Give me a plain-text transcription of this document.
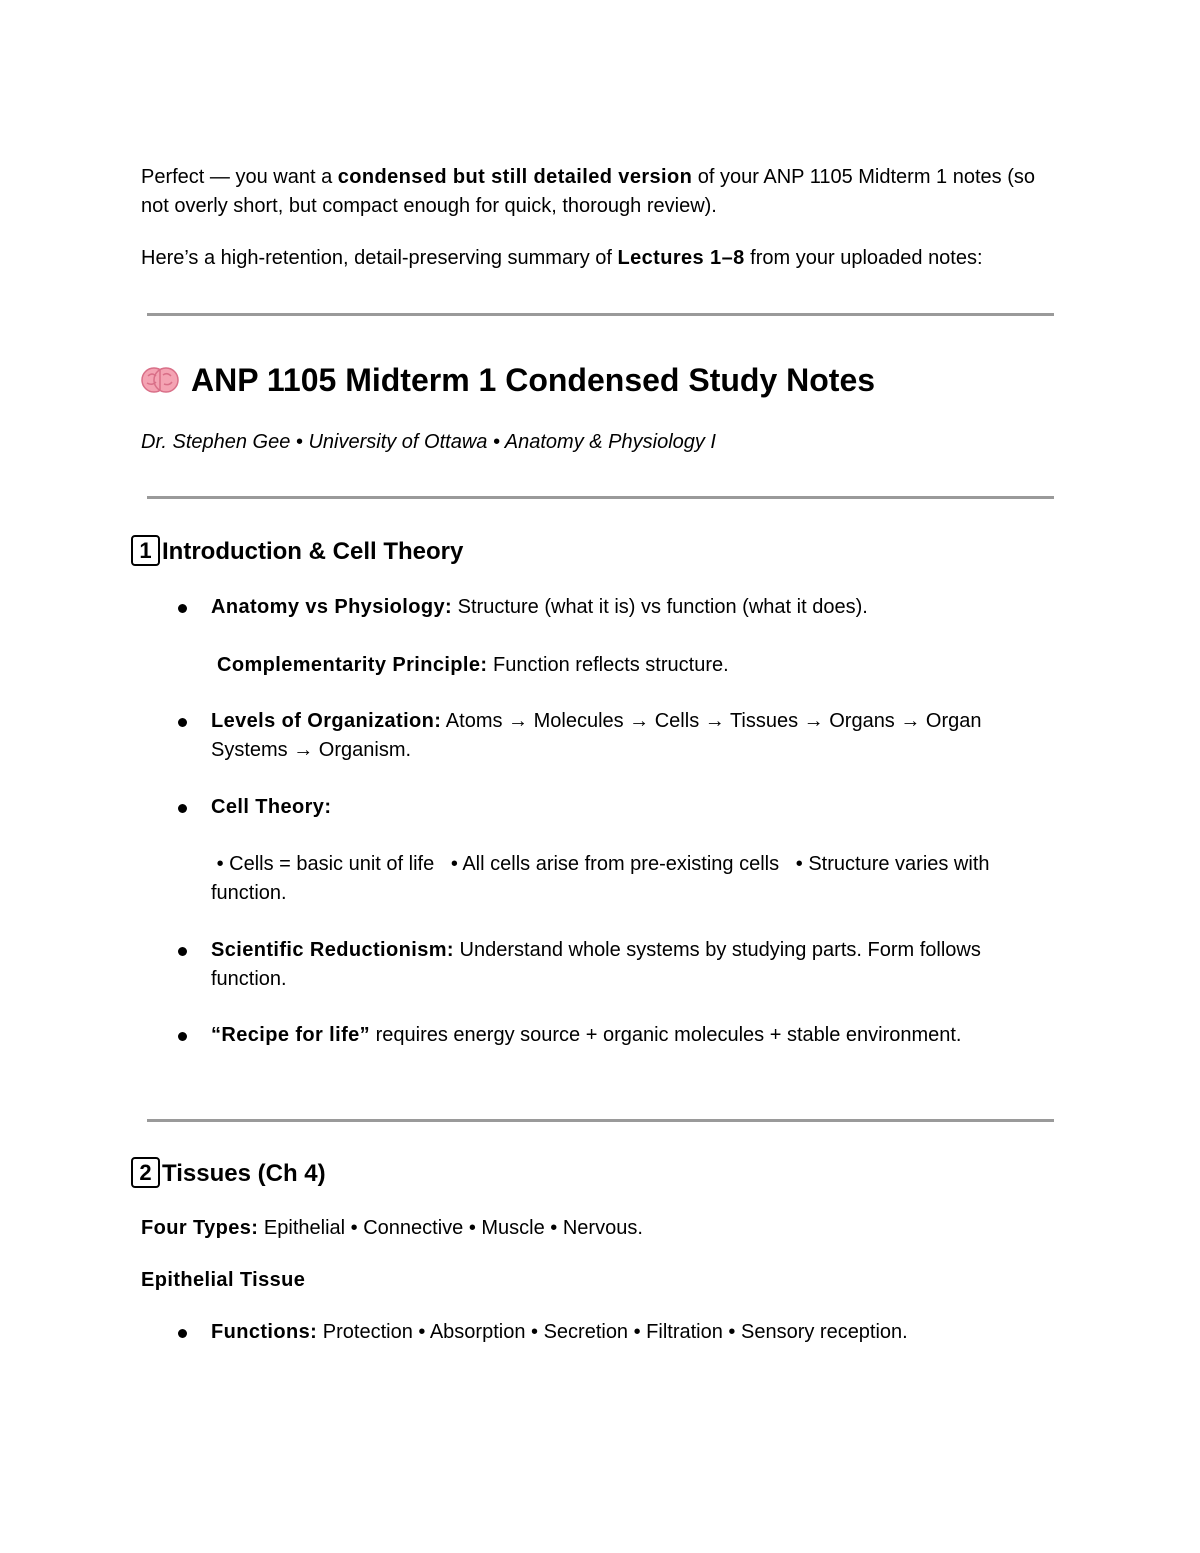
Perfect — you want a condensed but still detailed version of your ANP 1105 Midterm 1 notes (so not overly short, but compact enough for quick, thorough review).
Here’s a high-retention, detail-preserving summary of Lectures 1–8 from your uploaded notes:
ANP 1105 Midterm 1 Condensed Study Notes
Dr. Stephen Gee • University of Ottawa • Anatomy & Physiology I
1 Introduction & Cell Theory
Anatomy vs Physiology: Structure (what it is) vs function (what it does).
Complementarity Principle: Function reflects structure.
Levels of Organization: Atoms → Molecules → Cells → Tissues → Organs → Organ Systems → Organism.
Cell Theory:
• Cells = basic unit of life   • All cells arise from pre-existing cells   • Structure varies with function.
Scientific Reductionism: Understand whole systems by studying parts. Form follows function.
“Recipe for life” requires energy source + organic molecules + stable environment.
2 Tissues (Ch 4)
Four Types: Epithelial • Connective • Muscle • Nervous.
Epithelial Tissue
Functions: Protection • Absorption • Secretion • Filtration • Sensory reception.
